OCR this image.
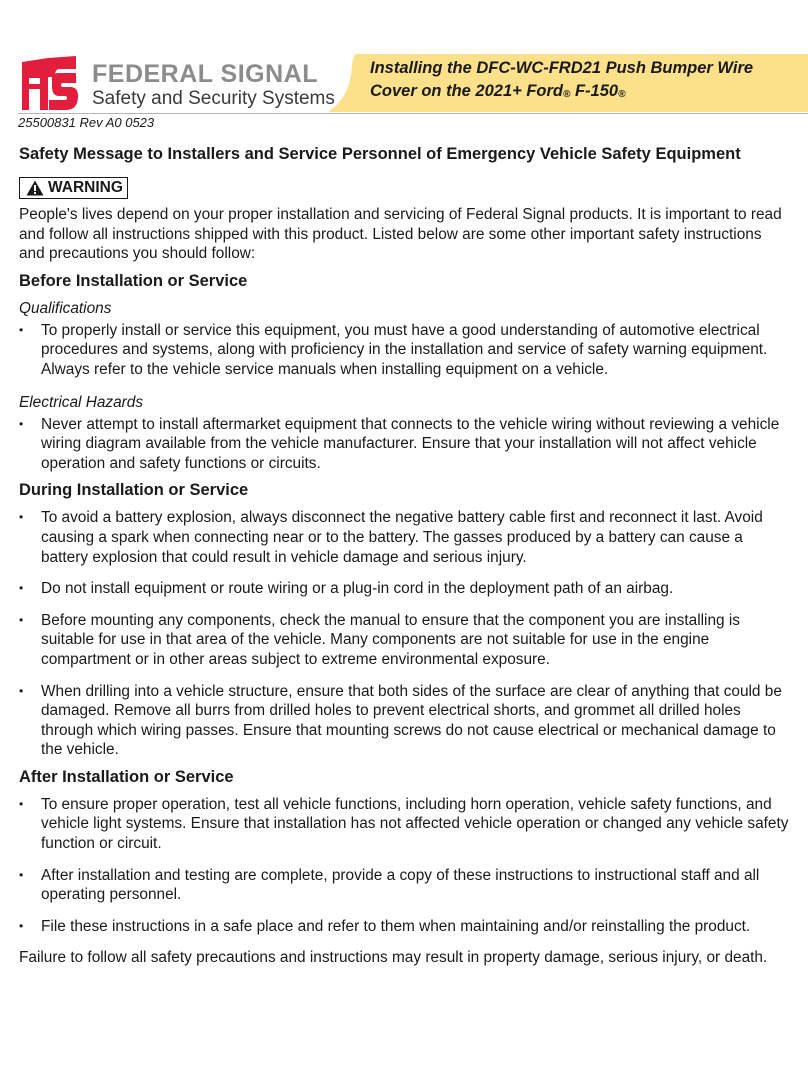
FEDERAL SIGNAL
Safety and Security Systems
Installing the DFC-WC-FRD21 Push Bumper Wire
Cover on the 2021+ Ford® F-150®
25500831 Rev A0 0523
Safety Message to Installers and Service Personnel of Emergency Vehicle Safety Equipment
WARNING

People's lives depend on your proper installation and servicing of Federal Signal products. It is important to read and follow all instructions shipped with this product. Listed below are some other important safety instructions and precautions you should follow:

Before Installation or Service
Qualifications
• To properly install or service this equipment, you must have a good understanding of automotive electrical procedures and systems, along with proficiency in the installation and service of safety warning equipment. Always refer to the vehicle service manuals when installing equipment on a vehicle.
Electrical Hazards
• Never attempt to install aftermarket equipment that connects to the vehicle wiring without reviewing a vehicle wiring diagram available from the vehicle manufacturer. Ensure that your installation will not affect vehicle operation and safety functions or circuits.
During Installation or Service
• To avoid a battery explosion, always disconnect the negative battery cable first and reconnect it last. Avoid causing a spark when connecting near or to the battery. The gasses produced by a battery can cause a battery explosion that could result in vehicle damage and serious injury.
• Do not install equipment or route wiring or a plug-in cord in the deployment path of an airbag.
• Before mounting any components, check the manual to ensure that the component you are installing is suitable for use in that area of the vehicle. Many components are not suitable for use in the engine compartment or in other areas subject to extreme environmental exposure.
• When drilling into a vehicle structure, ensure that both sides of the surface are clear of anything that could be damaged. Remove all burrs from drilled holes to prevent electrical shorts, and grommet all drilled holes through which wiring passes. Ensure that mounting screws do not cause electrical or mechanical damage to the vehicle.
After Installation or Service
• To ensure proper operation, test all vehicle functions, including horn operation, vehicle safety functions, and vehicle light systems. Ensure that installation has not affected vehicle operation or changed any vehicle safety function or circuit.
• After installation and testing are complete, provide a copy of these instructions to instructional staff and all operating personnel.
• File these instructions in a safe place and refer to them when maintaining and/or reinstalling the product.

Failure to follow all safety precautions and instructions may result in property damage, serious injury, or death.
